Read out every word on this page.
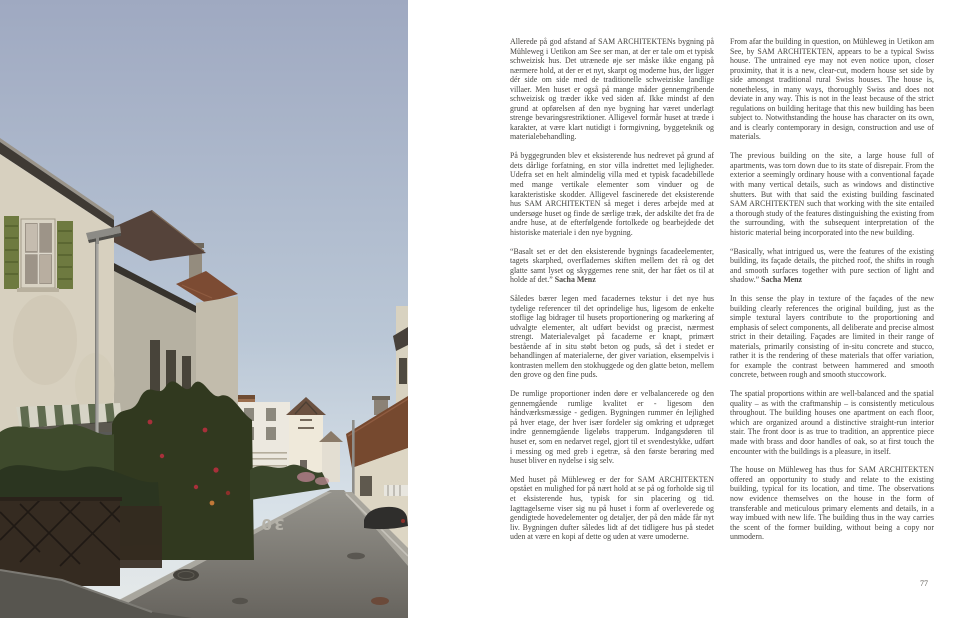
30

Allerede på god afstand af SAM ARCHITEKTENs bygning på Mühleweg i Uetikon am See ser man, at der er tale om et typisk schweizisk hus. Det utrænede øje ser måske ikke engang på nærmere hold, at der er et nyt, skarpt og moderne hus, der ligger dér side om side med de traditionelle schweiziske landlige villaer. Men huset er også på mange måder gennemgribende schweizisk og træder ikke ved siden af. Ikke mindst af den grund at opførelsen af den nye bygning har været underlagt strenge bevaringsrestriktioner. Alligevel formår huset at træde i karakter, at være klart nutidigt i formgivning, byggeteknik og materialebehandling.

På byggegrunden blev et eksisterende hus nedrevet på grund af dets dårlige forfatning, en stor villa indrettet med lejligheder. Udefra set en helt almindelig villa med et typisk facadebillede med mange vertikale elementer som vinduer og de karakteristiske skodder. Alligevel fascinerede det eksisterende hus SAM ARCHITEKTEN så meget i deres arbejde med at undersøge huset og finde de særlige træk, der adskilte det fra de andre huse, at de efterfølgende fortolkede og bearbejdede det historiske materiale i den nye bygning.

“Basalt set er det den eksisterende bygnings facadeelementer, tagets skarphed, overfladernes skiften mellem det rå og det glatte samt lyset og skyggernes rene snit, der har fået os til at holde af det.” Sacha Menz

Således bærer legen med facadernes tekstur i det nye hus tydelige referencer til det oprindelige hus, ligesom de enkelte stoflige lag bidrager til husets proportionering og markering af udvalgte elementer, alt udført bevidst og præcist, nærmest strengt. Materialevalget på facaderne er knapt, primært bestående af in situ støbt beton og puds, så det i stedet er behandlingen af materialerne, der giver variation, eksempelvis i kontrasten mellem den stokhuggede og den glatte beton, mellem den grove og den fine puds.

De rumlige proportioner inden døre er velbalancerede og den gennemgående rumlige kvalitet er - ligesom den håndværksmæssige - gedigen. Bygningen rummer én lejlighed på hver etage, der hver især fordeler sig omkring et udpræget indre gennemgående ligeløbs trapperum. Indgangsdøren til huset er, som en nedarvet regel, gjort til et svendestykke, udført i messing og med greb i egetræ, så den første berøring med huset bliver en nydelse i sig selv.

Med huset på Mühleweg er der for SAM ARCHITEKTEN opstået en mulighed for på nært hold at se på og forholde sig til et eksisterende hus, typisk for sin placering og tid. Iagttagelserne viser sig nu på huset i form af overleverede og gendigtede hovedelementer og detaljer, der på den måde får nyt liv. Bygningen dufter således lidt af det tidligere hus på stedet uden at være en kopi af dette og uden at være umoderne.

From afar the building in question, on Mühleweg in Uetikon am See, by SAM ARCHITEKTEN, appears to be a typical Swiss house. The untrained eye may not even notice upon, closer proximity, that it is a new, clear-cut, modern house set side by side amongst traditional rural Swiss houses. The house is, nonetheless, in many ways, thoroughly Swiss and does not deviate in any way. This is not in the least because of the strict regulations on building heritage that this new building has been subject to. Notwithstanding the house has character on its own, and is clearly contemporary in design, construction and use of materials.

The previous building on the site, a large house full of apartments, was torn down due to its state of disrepair. From the exterior a seemingly ordinary house with a conventional façade with many vertical details, such as windows and distinctive shutters. But with that said the existing building fascinated SAM ARCHITEKTEN such that working with the site entailed a thorough study of the features distinguishing the existing from the surrounding, with the subsequent interpretation of the historic material being incorporated into the new building.

“Basically, what intrigued us, were the features of the existing building, its façade details, the pitched roof, the shifts in rough and smooth surfaces together with pure section of light and shadow.” Sacha Menz

In this sense the play in texture of the façades of the new building clearly references the original building, just as the simple textural layers contribute to the proportioning and emphasis of select components, all deliberate and precise almost strict in their detailing. Façades are limited in their range of materials, primarily consisting of in-situ concrete and stucco, rather it is the rendering of these materials that offer variation, for example the contrast between hammered and smooth concrete, between rough and smooth stuccowork.

The spatial proportions within are well-balanced and the spatial quality – as with the craftmanship – is consistently meticulous throughout. The building houses one apartment on each floor, which are organized around a distinctive straight-run interior stair. The front door is as true to tradition, an apprentice piece made with brass and door handles of oak, so at first touch the encounter with the buildings is a pleasure, in itself.

The house on Mühleweg has thus for SAM ARCHITEKTEN offered an opportunity to study and relate to the existing building, typical for its location, and time. The observations now evidence themselves on the house in the form of transferable and meticulous primary elements and details, in a way imbued with new life. The building thus in the way carries the scent of the former building, without being a copy nor unmodern.

77
